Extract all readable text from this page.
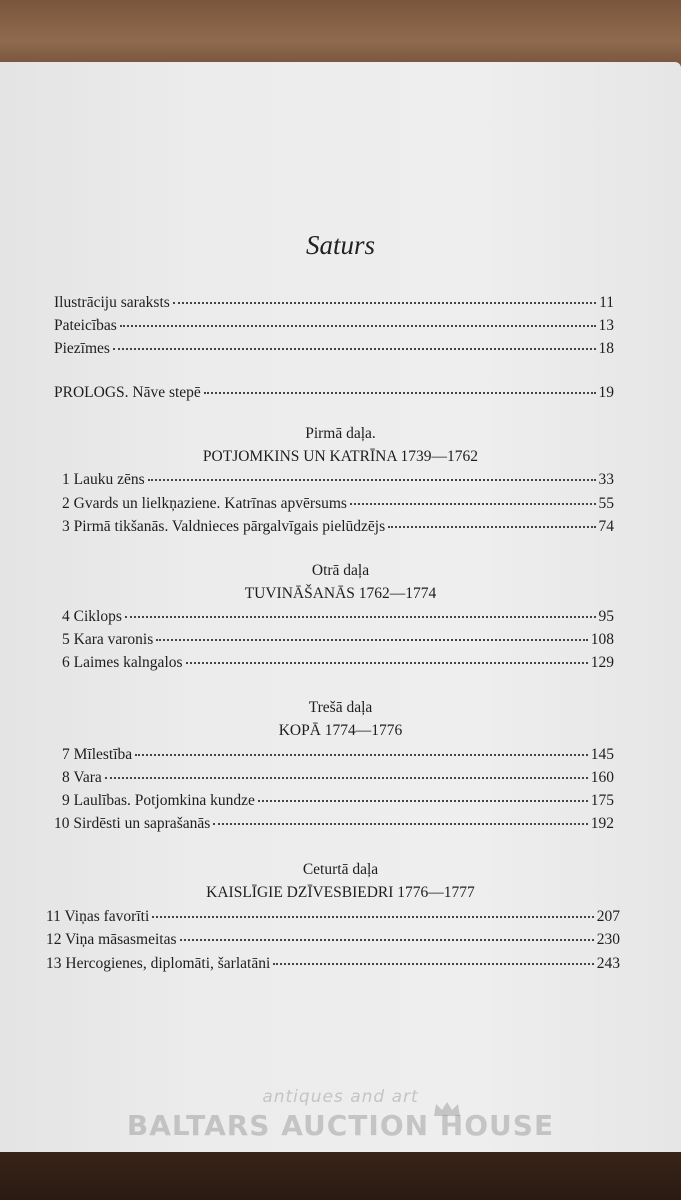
Saturs
Ilustrāciju saraksts	11
Pateicības	13
Piezīmes	18
PROLOGS. Nāve stepē	19
Pirmā daļa.
POTJOMKINS UN KATRĪNA 1739—1762
1 Lauku zēns	33
2 Gvards un lielkņaziene. Katrīnas apvērsums	55
3 Pirmā tikšanās. Valdnieces pārgalvīgais pielūdzējs	74
Otrā daļa
TUVINĀŠANĀS 1762—1774
4 Ciklops	95
5 Kara varonis	108
6 Laimes kalngalos	129
Trešā daļa
KOPĀ 1774—1776
7 Mīlestība	145
8 Vara	160
9 Laulības. Potjomkina kundze	175
10 Sirdēsti un saprašanās	192
Ceturtā daļa
KAISLĪGIE DZĪVESBIEDRI 1776—1777
11 Viņas favorīti	207
12 Viņa māsasmeitas	230
13 Hercogienes, diplomāti, šarlatāni	243
antiques and art
BALTARS AUCTION HOUSE
